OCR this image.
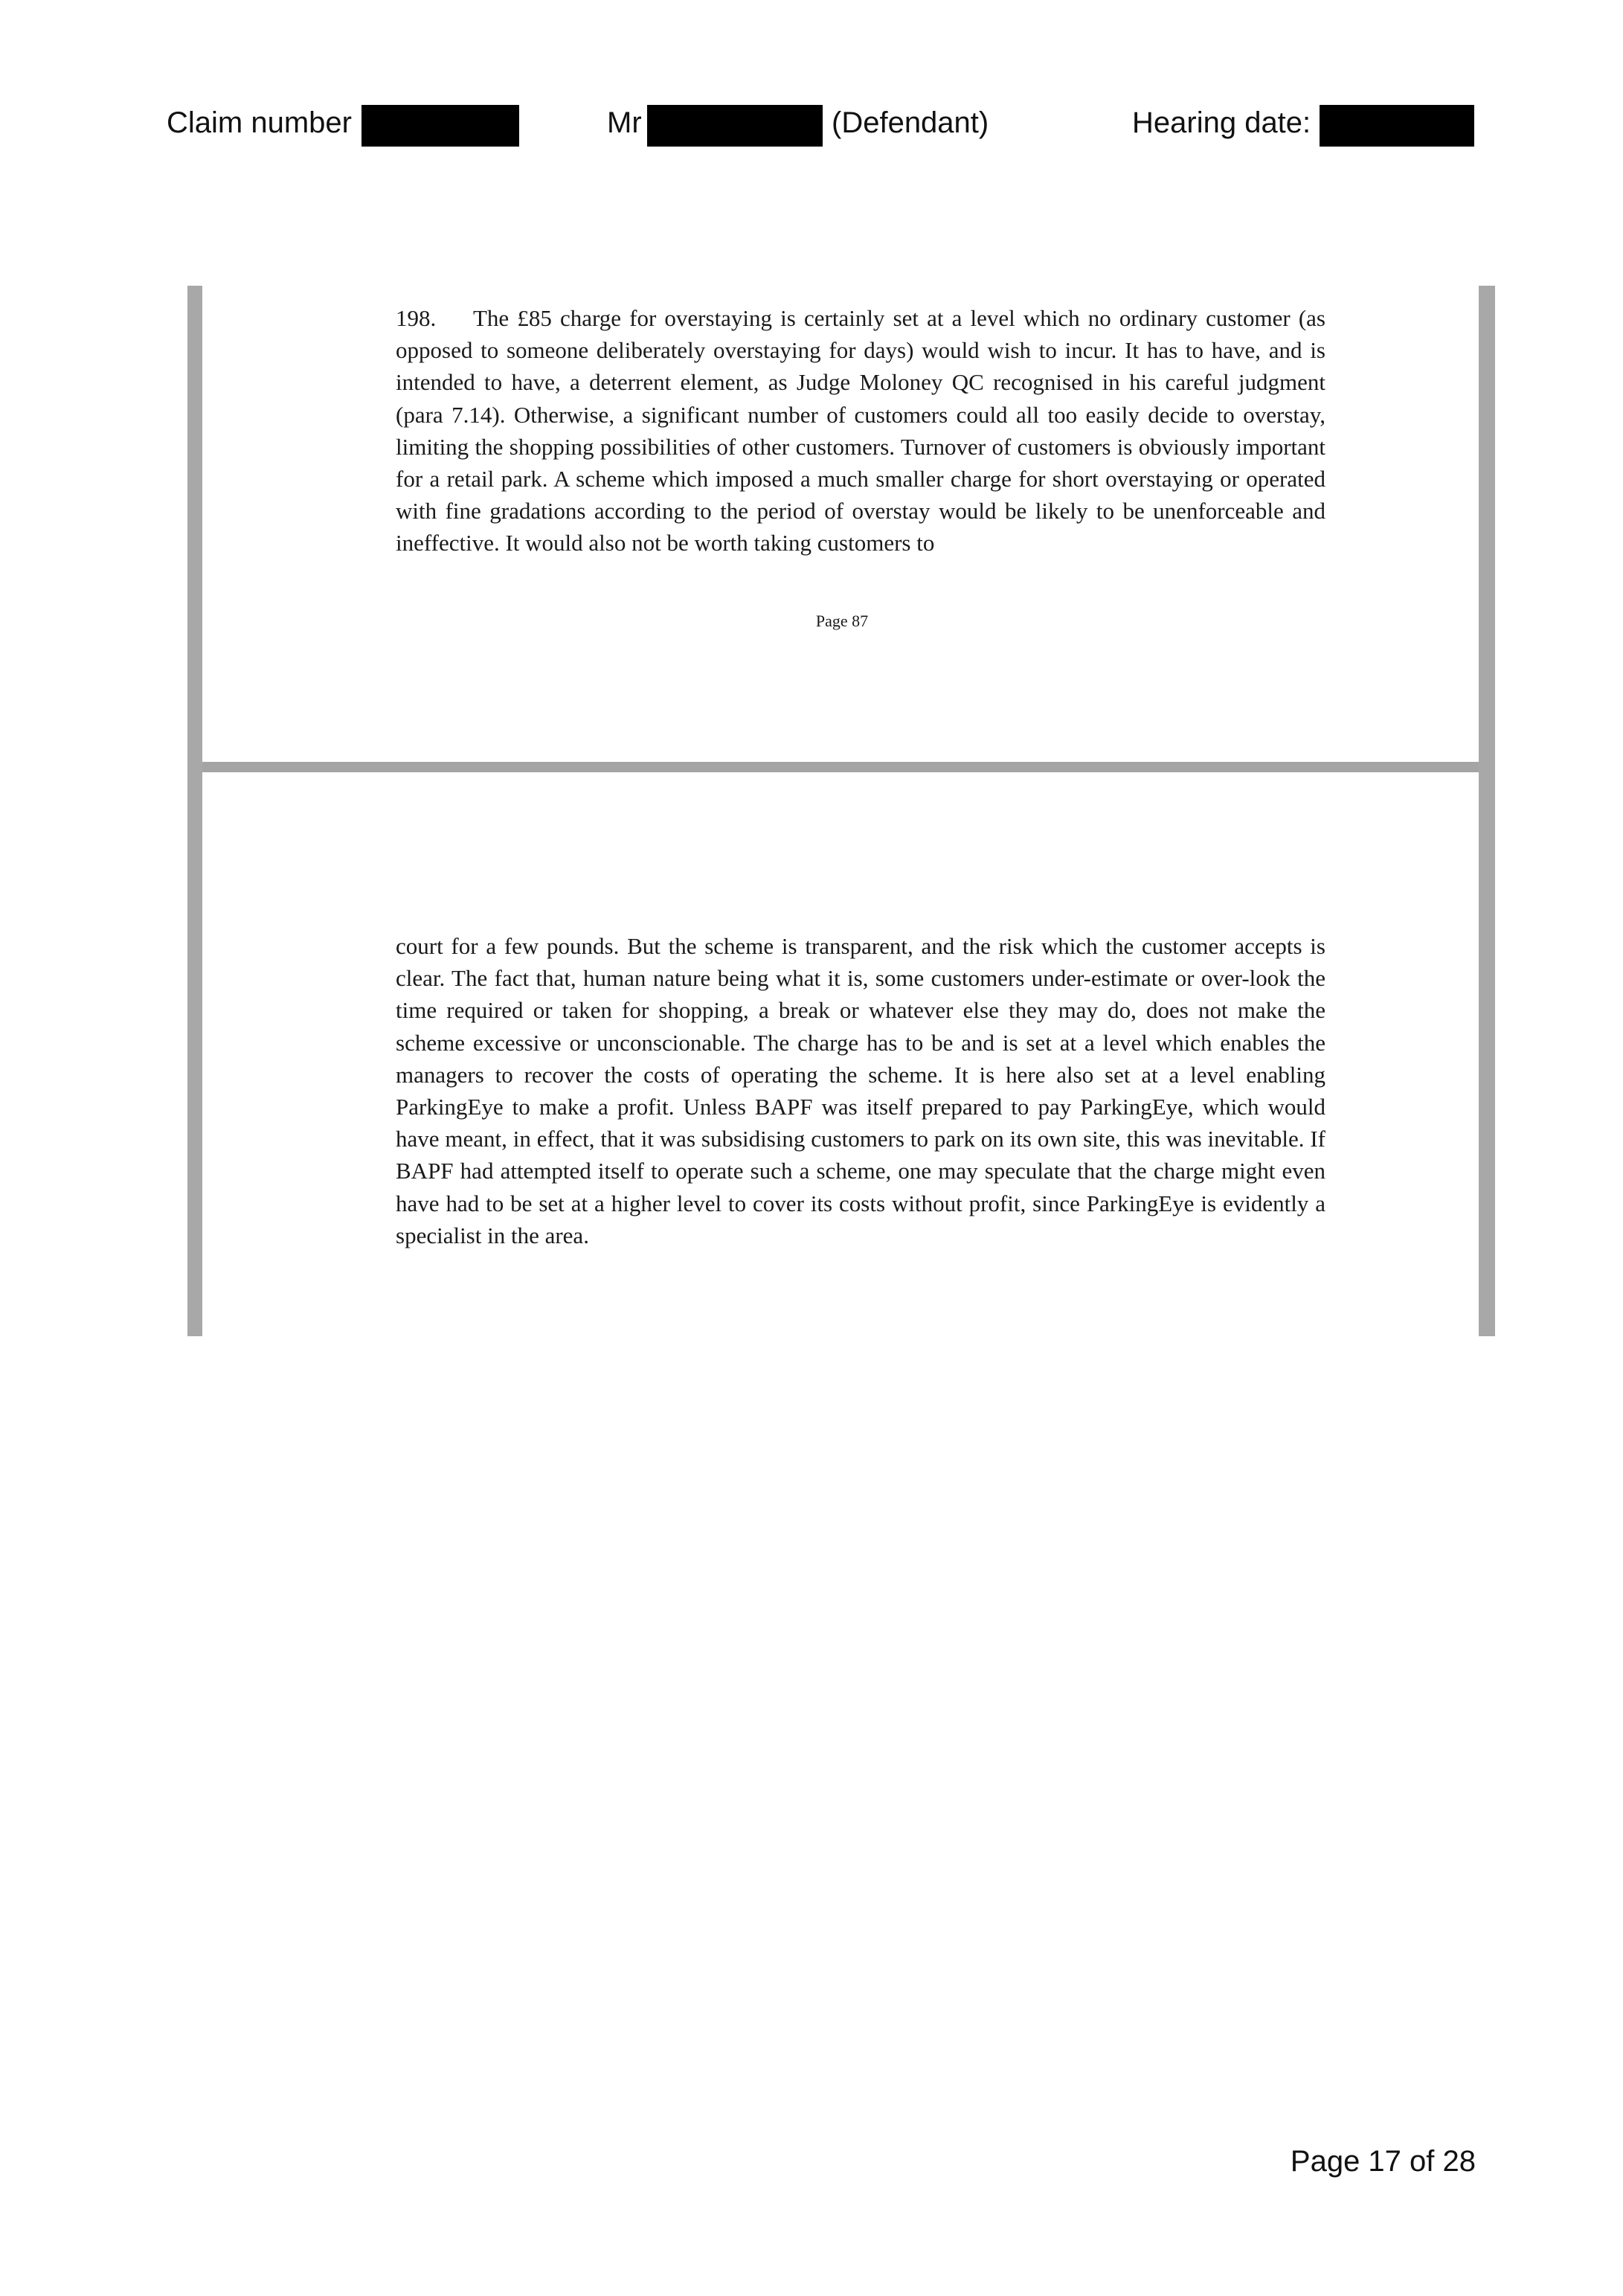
Claim number	Mr	(Defendant)	Hearing date:
198. The £85 charge for overstaying is certainly set at a level which no ordinary customer (as opposed to someone deliberately overstaying for days) would wish to incur. It has to have, and is intended to have, a deterrent element, as Judge Moloney QC recognised in his careful judgment (para 7.14). Otherwise, a significant number of customers could all too easily decide to overstay, limiting the shopping possibilities of other customers. Turnover of customers is obviously important for a retail park. A scheme which imposed a much smaller charge for short overstaying or operated with fine gradations according to the period of overstay would be likely to be unenforceable and ineffective. It would also not be worth taking customers to
Page 87
court for a few pounds. But the scheme is transparent, and the risk which the customer accepts is clear. The fact that, human nature being what it is, some customers under-estimate or over-look the time required or taken for shopping, a break or whatever else they may do, does not make the scheme excessive or unconscionable. The charge has to be and is set at a level which enables the managers to recover the costs of operating the scheme. It is here also set at a level enabling ParkingEye to make a profit. Unless BAPF was itself prepared to pay ParkingEye, which would have meant, in effect, that it was subsidising customers to park on its own site, this was inevitable. If BAPF had attempted itself to operate such a scheme, one may speculate that the charge might even have had to be set at a higher level to cover its costs without profit, since ParkingEye is evidently a specialist in the area.
Page 17 of 28
